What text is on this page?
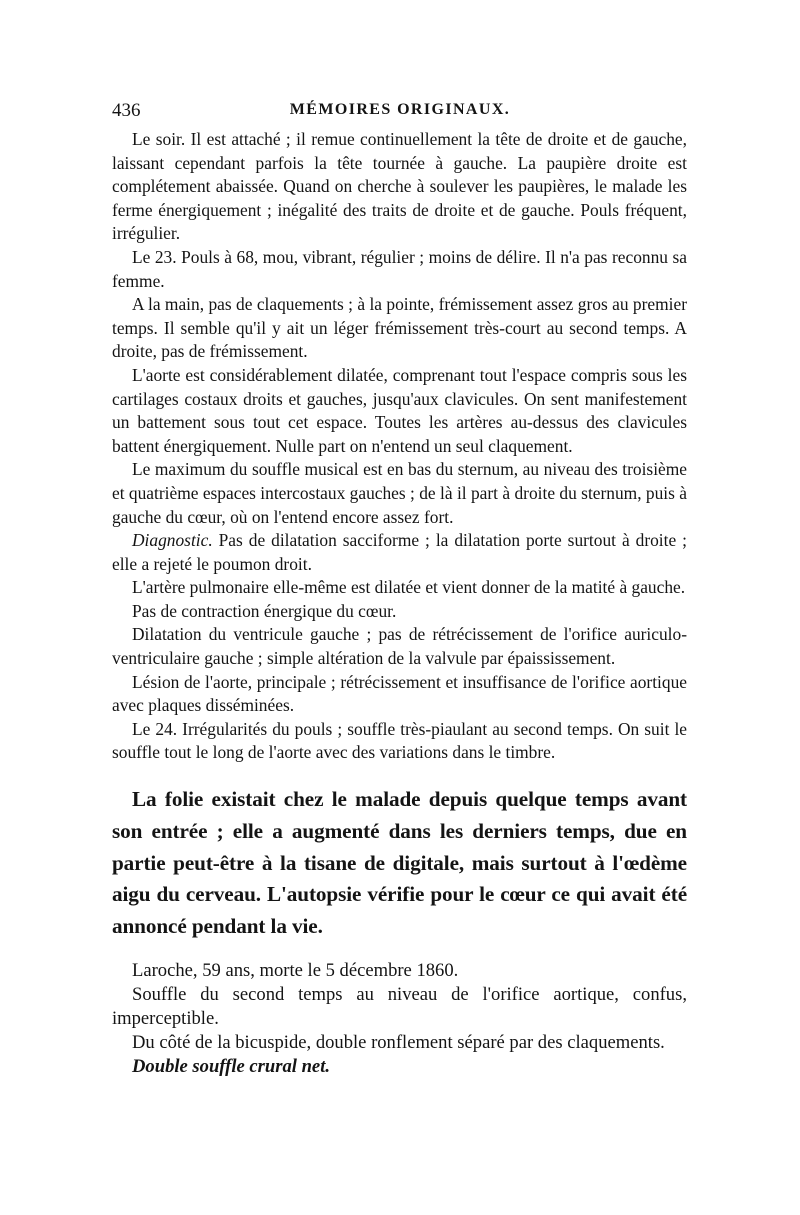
436	MÉMOIRES ORIGINAUX.

Le soir. Il est attaché ; il remue continuellement la tête de droite et de gauche, laissant cependant parfois la tête tournée à gauche. La paupière droite est complétement abaissée. Quand on cherche à soulever les paupières, le malade les ferme énergiquement ; inégalité des traits de droite et de gauche. Pouls fréquent, irrégulier.

Le 23. Pouls à 68, mou, vibrant, régulier ; moins de délire. Il n'a pas reconnu sa femme.

A la main, pas de claquements ; à la pointe, frémissement assez gros au premier temps. Il semble qu'il y ait un léger frémissement très-court au second temps. A droite, pas de frémissement.

L'aorte est considérablement dilatée, comprenant tout l'espace compris sous les cartilages costaux droits et gauches, jusqu'aux clavicules. On sent manifestement un battement sous tout cet espace. Toutes les artères au-dessus des clavicules battent énergiquement. Nulle part on n'entend un seul claquement.

Le maximum du souffle musical est en bas du sternum, au niveau des troisième et quatrième espaces intercostaux gauches ; de là il part à droite du sternum, puis à gauche du cœur, où on l'entend encore assez fort.

Diagnostic. Pas de dilatation sacciforme ; la dilatation porte surtout à droite ; elle a rejeté le poumon droit.

L'artère pulmonaire elle-même est dilatée et vient donner de la matité à gauche.

Pas de contraction énergique du cœur.

Dilatation du ventricule gauche ; pas de rétrécissement de l'orifice auriculo-ventriculaire gauche ; simple altération de la valvule par épaississement.

Lésion de l'aorte, principale ; rétrécissement et insuffisance de l'orifice aortique avec plaques disséminées.

Le 24. Irrégularités du pouls ; souffle très-piaulant au second temps. On suit le souffle tout le long de l'aorte avec des variations dans le timbre.

La folie existait chez le malade depuis quelque temps avant son entrée ; elle a augmenté dans les derniers temps, due en partie peut-être à la tisane de digitale, mais surtout à l'œdème aigu du cerveau. L'autopsie vérifie pour le cœur ce qui avait été annoncé pendant la vie.

Laroche, 59 ans, morte le 5 décembre 1860.

Souffle du second temps au niveau de l'orifice aortique, confus, imperceptible.

Du côté de la bicuspide, double ronflement séparé par des claquements.

Double souffle crural net.
